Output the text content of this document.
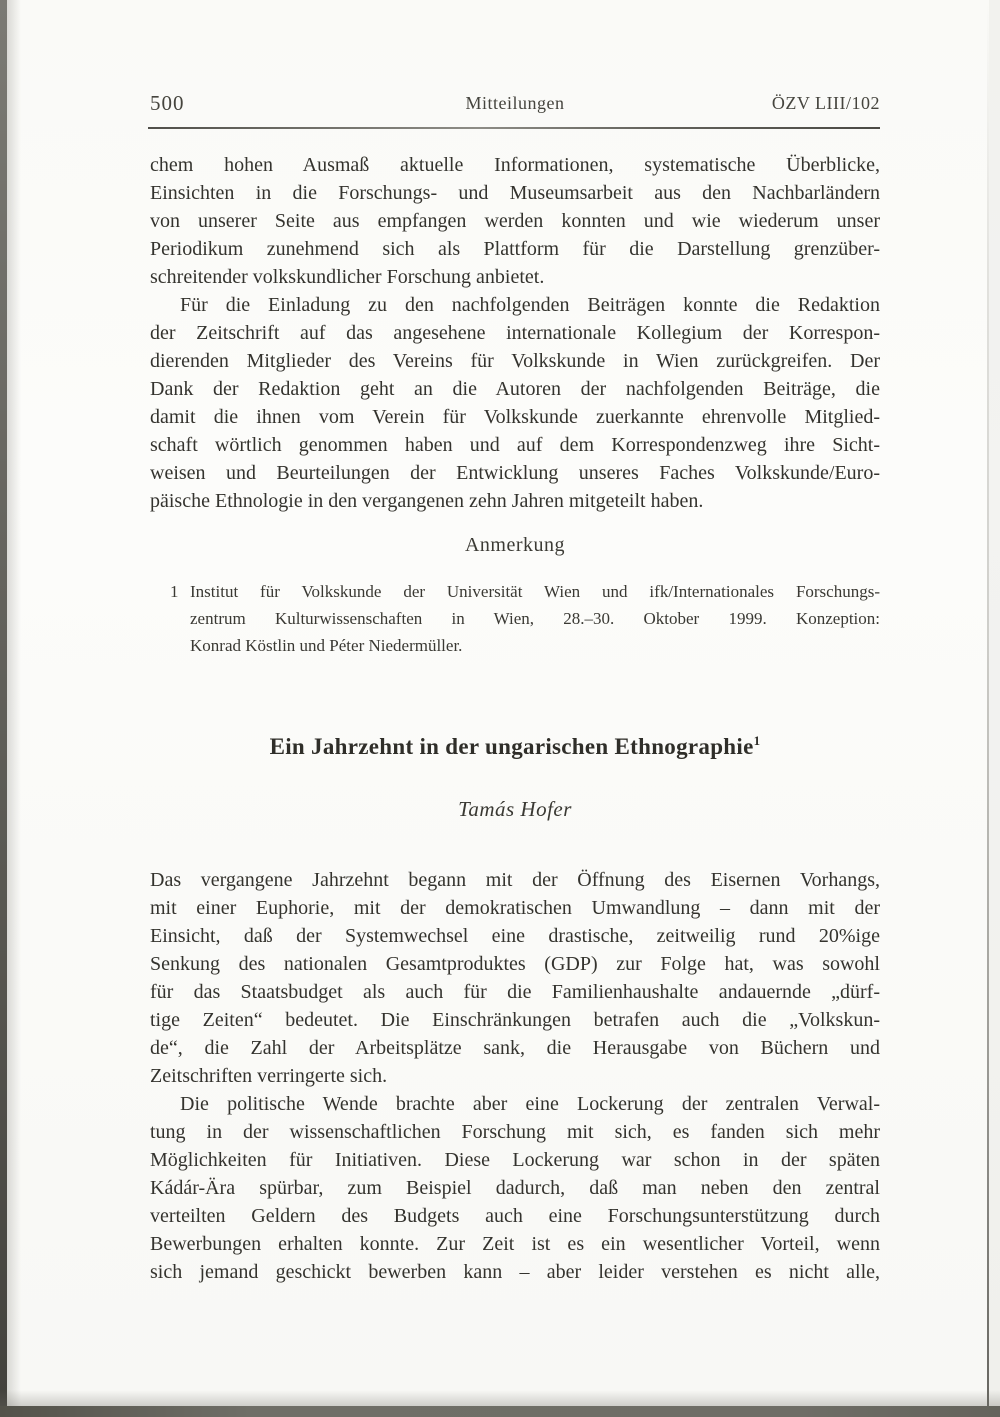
500	Mitteilungen	ÖZV LIII/102
chem hohen Ausmaß aktuelle Informationen, systematische Überblicke,
Einsichten in die Forschungs- und Museumsarbeit aus den Nachbarländern
von unserer Seite aus empfangen werden konnten und wie wiederum unser
Periodikum zunehmend sich als Plattform für die Darstellung grenzüber-
schreitender volkskundlicher Forschung anbietet.
Für die Einladung zu den nachfolgenden Beiträgen konnte die Redaktion
der Zeitschrift auf das angesehene internationale Kollegium der Korrespon-
dierenden Mitglieder des Vereins für Volkskunde in Wien zurückgreifen. Der
Dank der Redaktion geht an die Autoren der nachfolgenden Beiträge, die
damit die ihnen vom Verein für Volkskunde zuerkannte ehrenvolle Mitglied-
schaft wörtlich genommen haben und auf dem Korrespondenzweg ihre Sicht-
weisen und Beurteilungen der Entwicklung unseres Faches Volkskunde/Euro-
päische Ethnologie in den vergangenen zehn Jahren mitgeteilt haben.
Anmerkung
1 Institut für Volkskunde der Universität Wien und ifk/Internationales Forschungs-
zentrum Kulturwissenschaften in Wien, 28.–30. Oktober 1999. Konzeption:
Konrad Köstlin und Péter Niedermüller.
Ein Jahrzehnt in der ungarischen Ethnographie$^1$
Tamás Hofer
Das vergangene Jahrzehnt begann mit der Öffnung des Eisernen Vorhangs,
mit einer Euphorie, mit der demokratischen Umwandlung – dann mit der
Einsicht, daß der Systemwechsel eine drastische, zeitweilig rund 20%ige
Senkung des nationalen Gesamtproduktes (GDP) zur Folge hat, was sowohl
für das Staatsbudget als auch für die Familienhaushalte andauernde „dürf-
tige Zeiten“ bedeutet. Die Einschränkungen betrafen auch die „Volkskun-
de“, die Zahl der Arbeitsplätze sank, die Herausgabe von Büchern und
Zeitschriften verringerte sich.
Die politische Wende brachte aber eine Lockerung der zentralen Verwal-
tung in der wissenschaftlichen Forschung mit sich, es fanden sich mehr
Möglichkeiten für Initiativen. Diese Lockerung war schon in der späten
Kádár-Ära spürbar, zum Beispiel dadurch, daß man neben den zentral
verteilten Geldern des Budgets auch eine Forschungsunterstützung durch
Bewerbungen erhalten konnte. Zur Zeit ist es ein wesentlicher Vorteil, wenn
sich jemand geschickt bewerben kann – aber leider verstehen es nicht alle,
